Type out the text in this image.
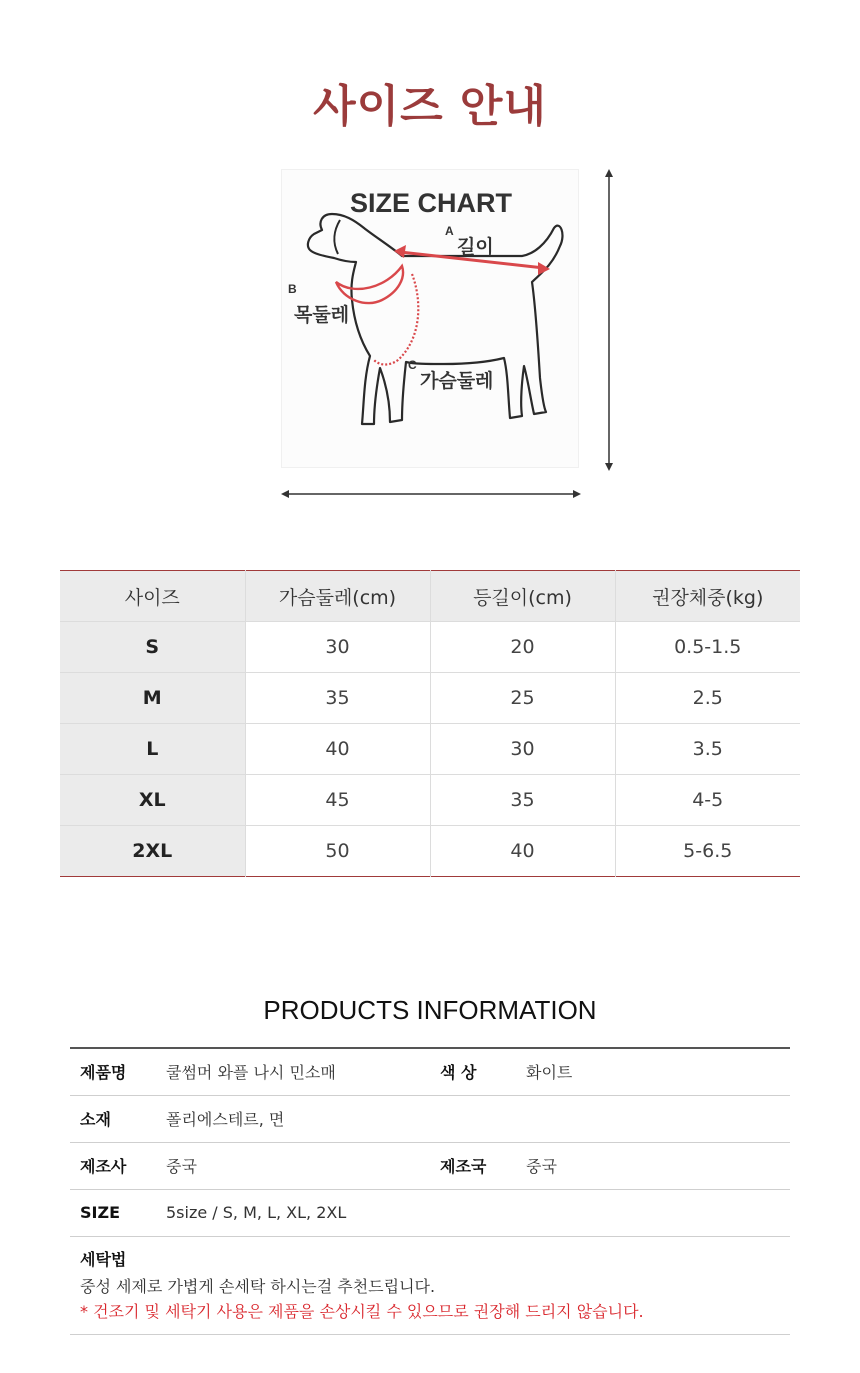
사이즈 안내
SIZE CHART
A
길이
B
목둘레
C
가슴둘레
사이즈	가슴둘레(cm)	등길이(cm)	권장체중(kg)
S	30	20	0.5-1.5
M	35	25	2.5
L	40	30	3.5
XL	45	35	4-5
2XL	50	40	5-6.5
PRODUCTS INFORMATION
제품명	쿨썸머 와플 나시 민소매	색 상	화이트
소재	폴리에스테르, 면		
제조사	중국	제조국	중국
SIZE	5size / S, M, L, XL, 2XL		

세탁법
중성 세제로 가볍게 손세탁 하시는걸 추천드립니다.
* 건조기 및 세탁기 사용은 제품을 손상시킬 수 있으므로 권장해 드리지 않습니다.			
